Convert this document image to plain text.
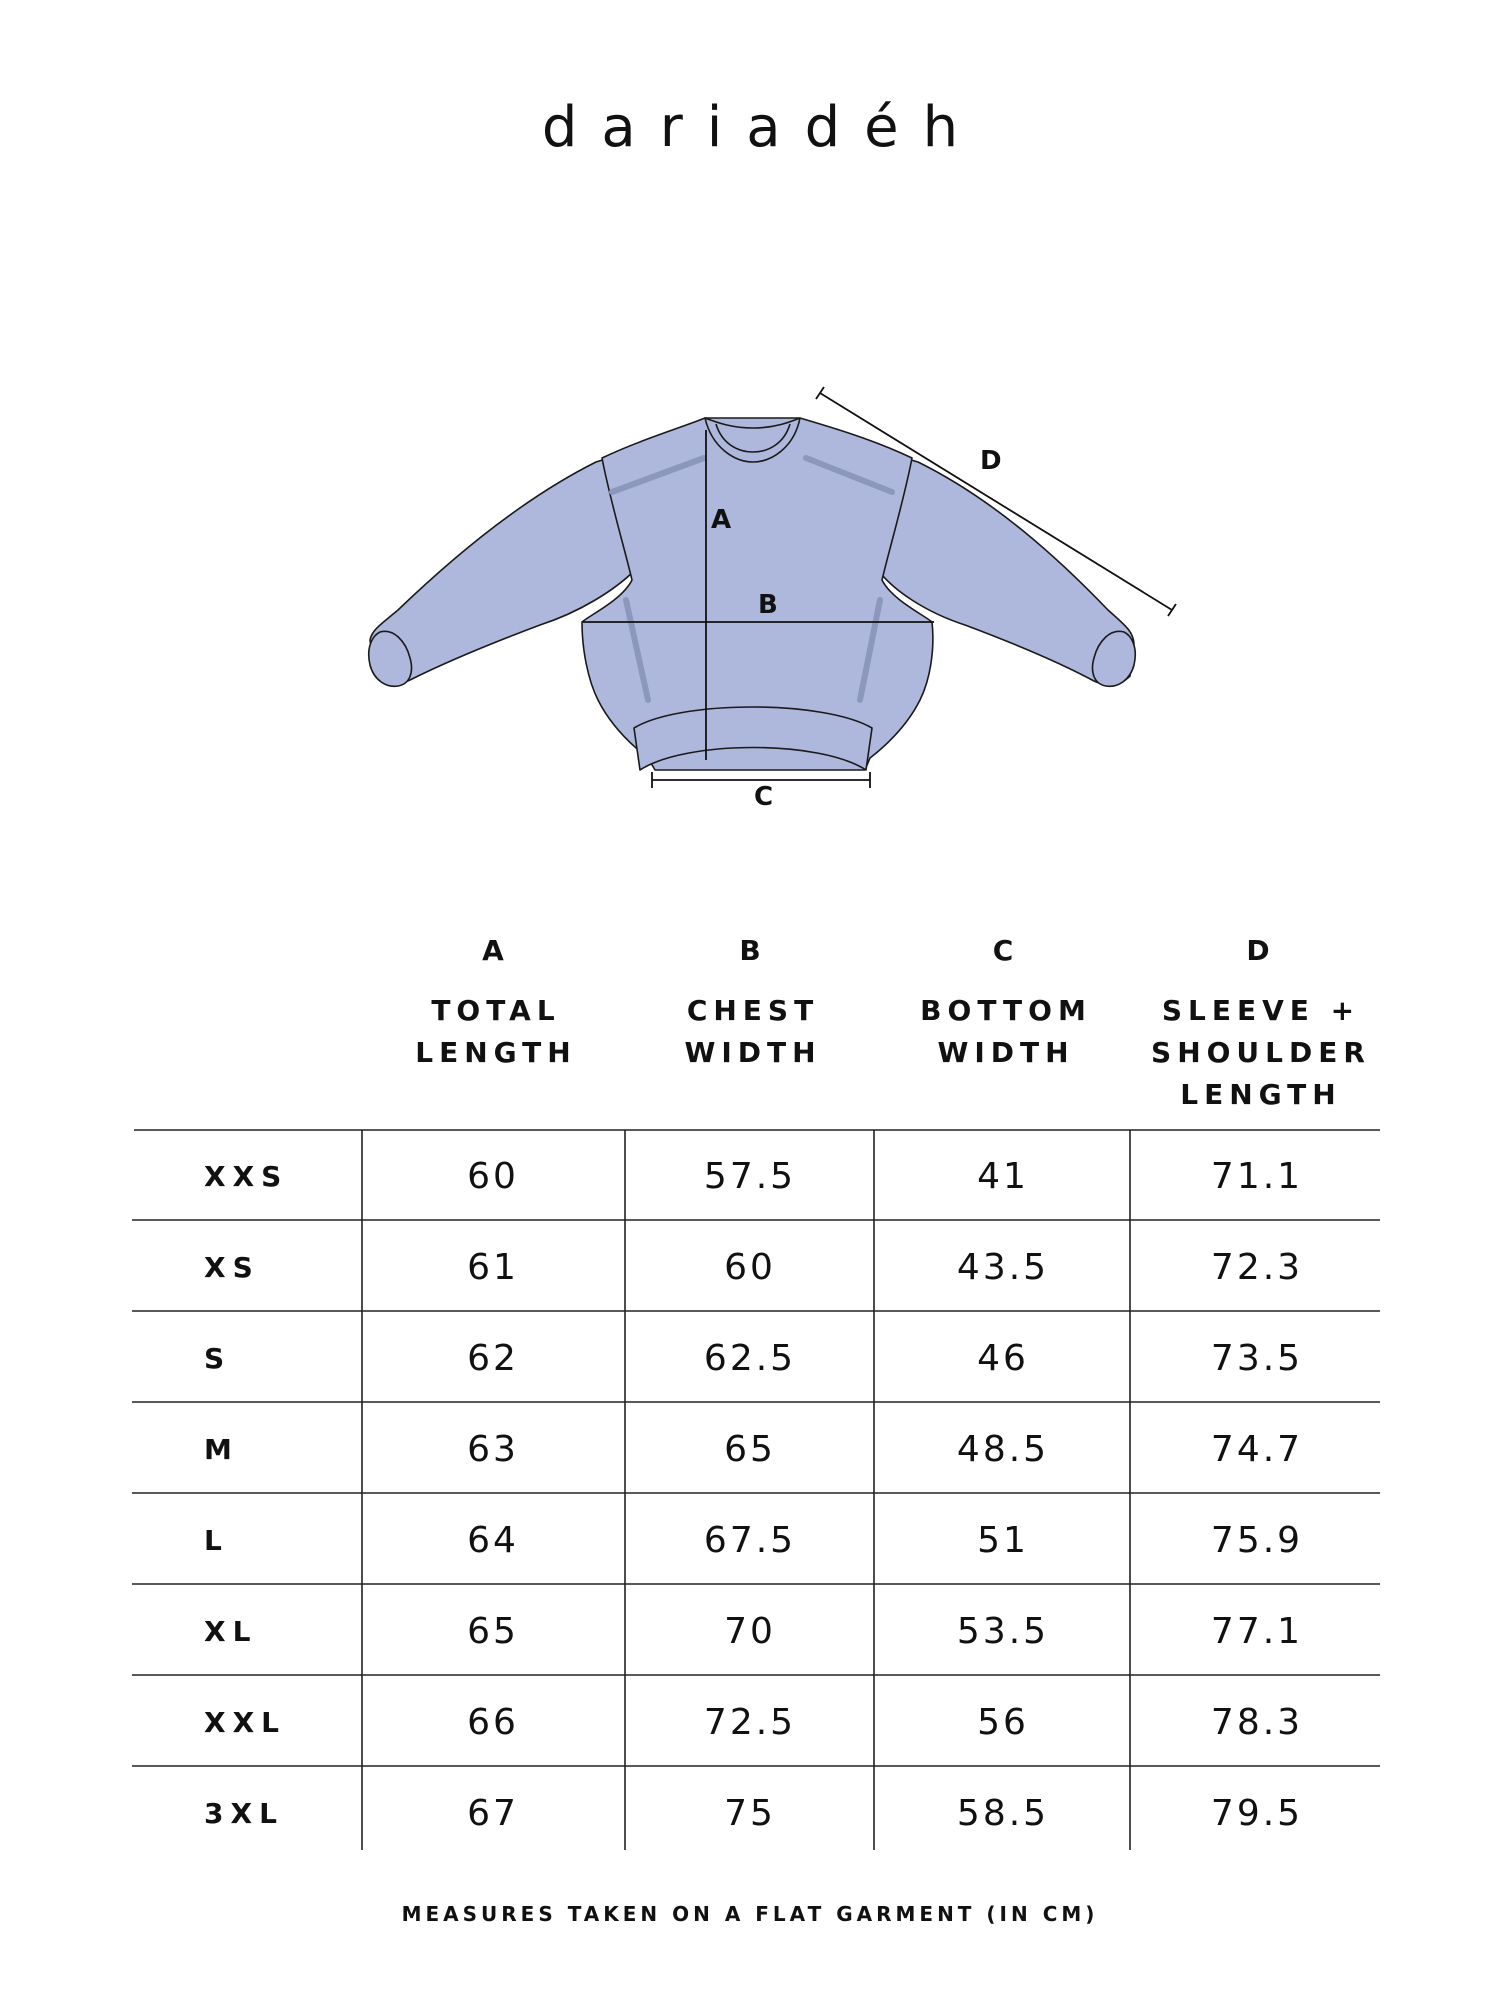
dariadéh
A
B
C
D
A
TOTAL LENGTH
B
CHEST WIDTH
C
BOTTOM WIDTH
D
SLEEVE + SHOULDER LENGTH
XXS	60	57.5	41	71.1
XS	61	60	43.5	72.3
S	62	62.5	46	73.5
M	63	65	48.5	74.7
L	64	67.5	51	75.9
XL	65	70	53.5	77.1
XXL	66	72.5	56	78.3
3XL	67	75	58.5	79.5
MEASURES TAKEN ON A FLAT GARMENT (IN CM)
